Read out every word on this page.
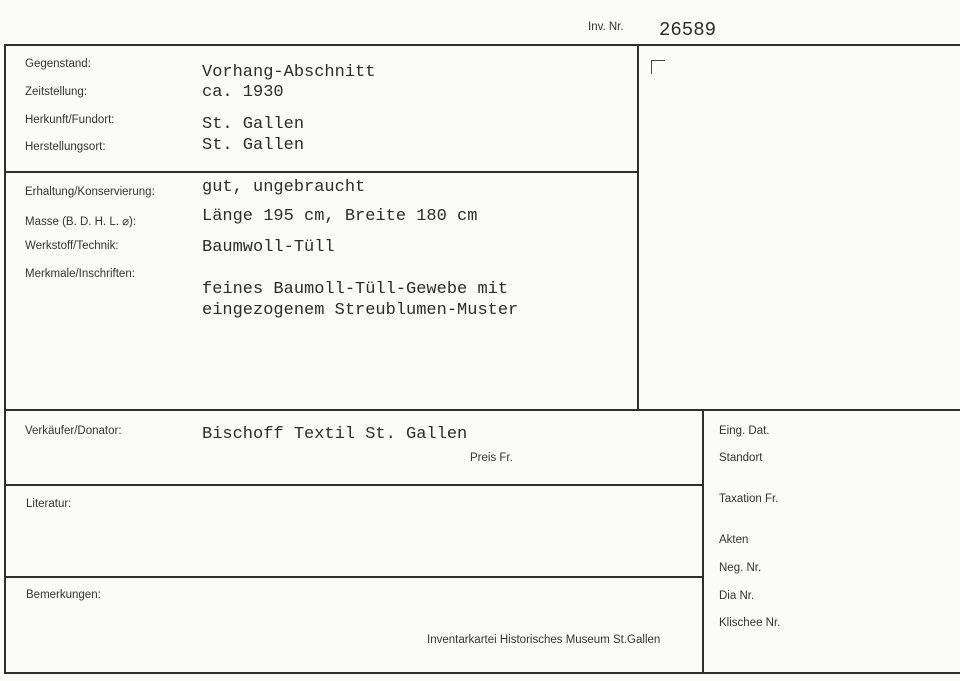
Inv. Nr. 26589
Gegenstand:	Vorhang-Abschnitt
Zeitstellung:	ca. 1930
Herkunft/Fundort:	St. Gallen
Herstellungsort:	St. Gallen
Erhaltung/Konservierung:	gut, ungebraucht
Masse (B. D. H. L. ⌀):	Länge 195 cm, Breite 180 cm
Werkstoff/Technik:	Baumwoll-Tüll
Merkmale/Inschriften:
feines Baumoll-Tüll-Gewebe mit
eingezogenem Streublumen-Muster
Verkäufer/Donator:	Bischoff Textil St. Gallen
Preis Fr.
Literatur:
Bemerkungen:
Inventarkartei Historisches Museum St.Gallen
Eing. Dat.
Standort
Taxation Fr.
Akten
Neg. Nr.
Dia Nr.
Klischee Nr.
